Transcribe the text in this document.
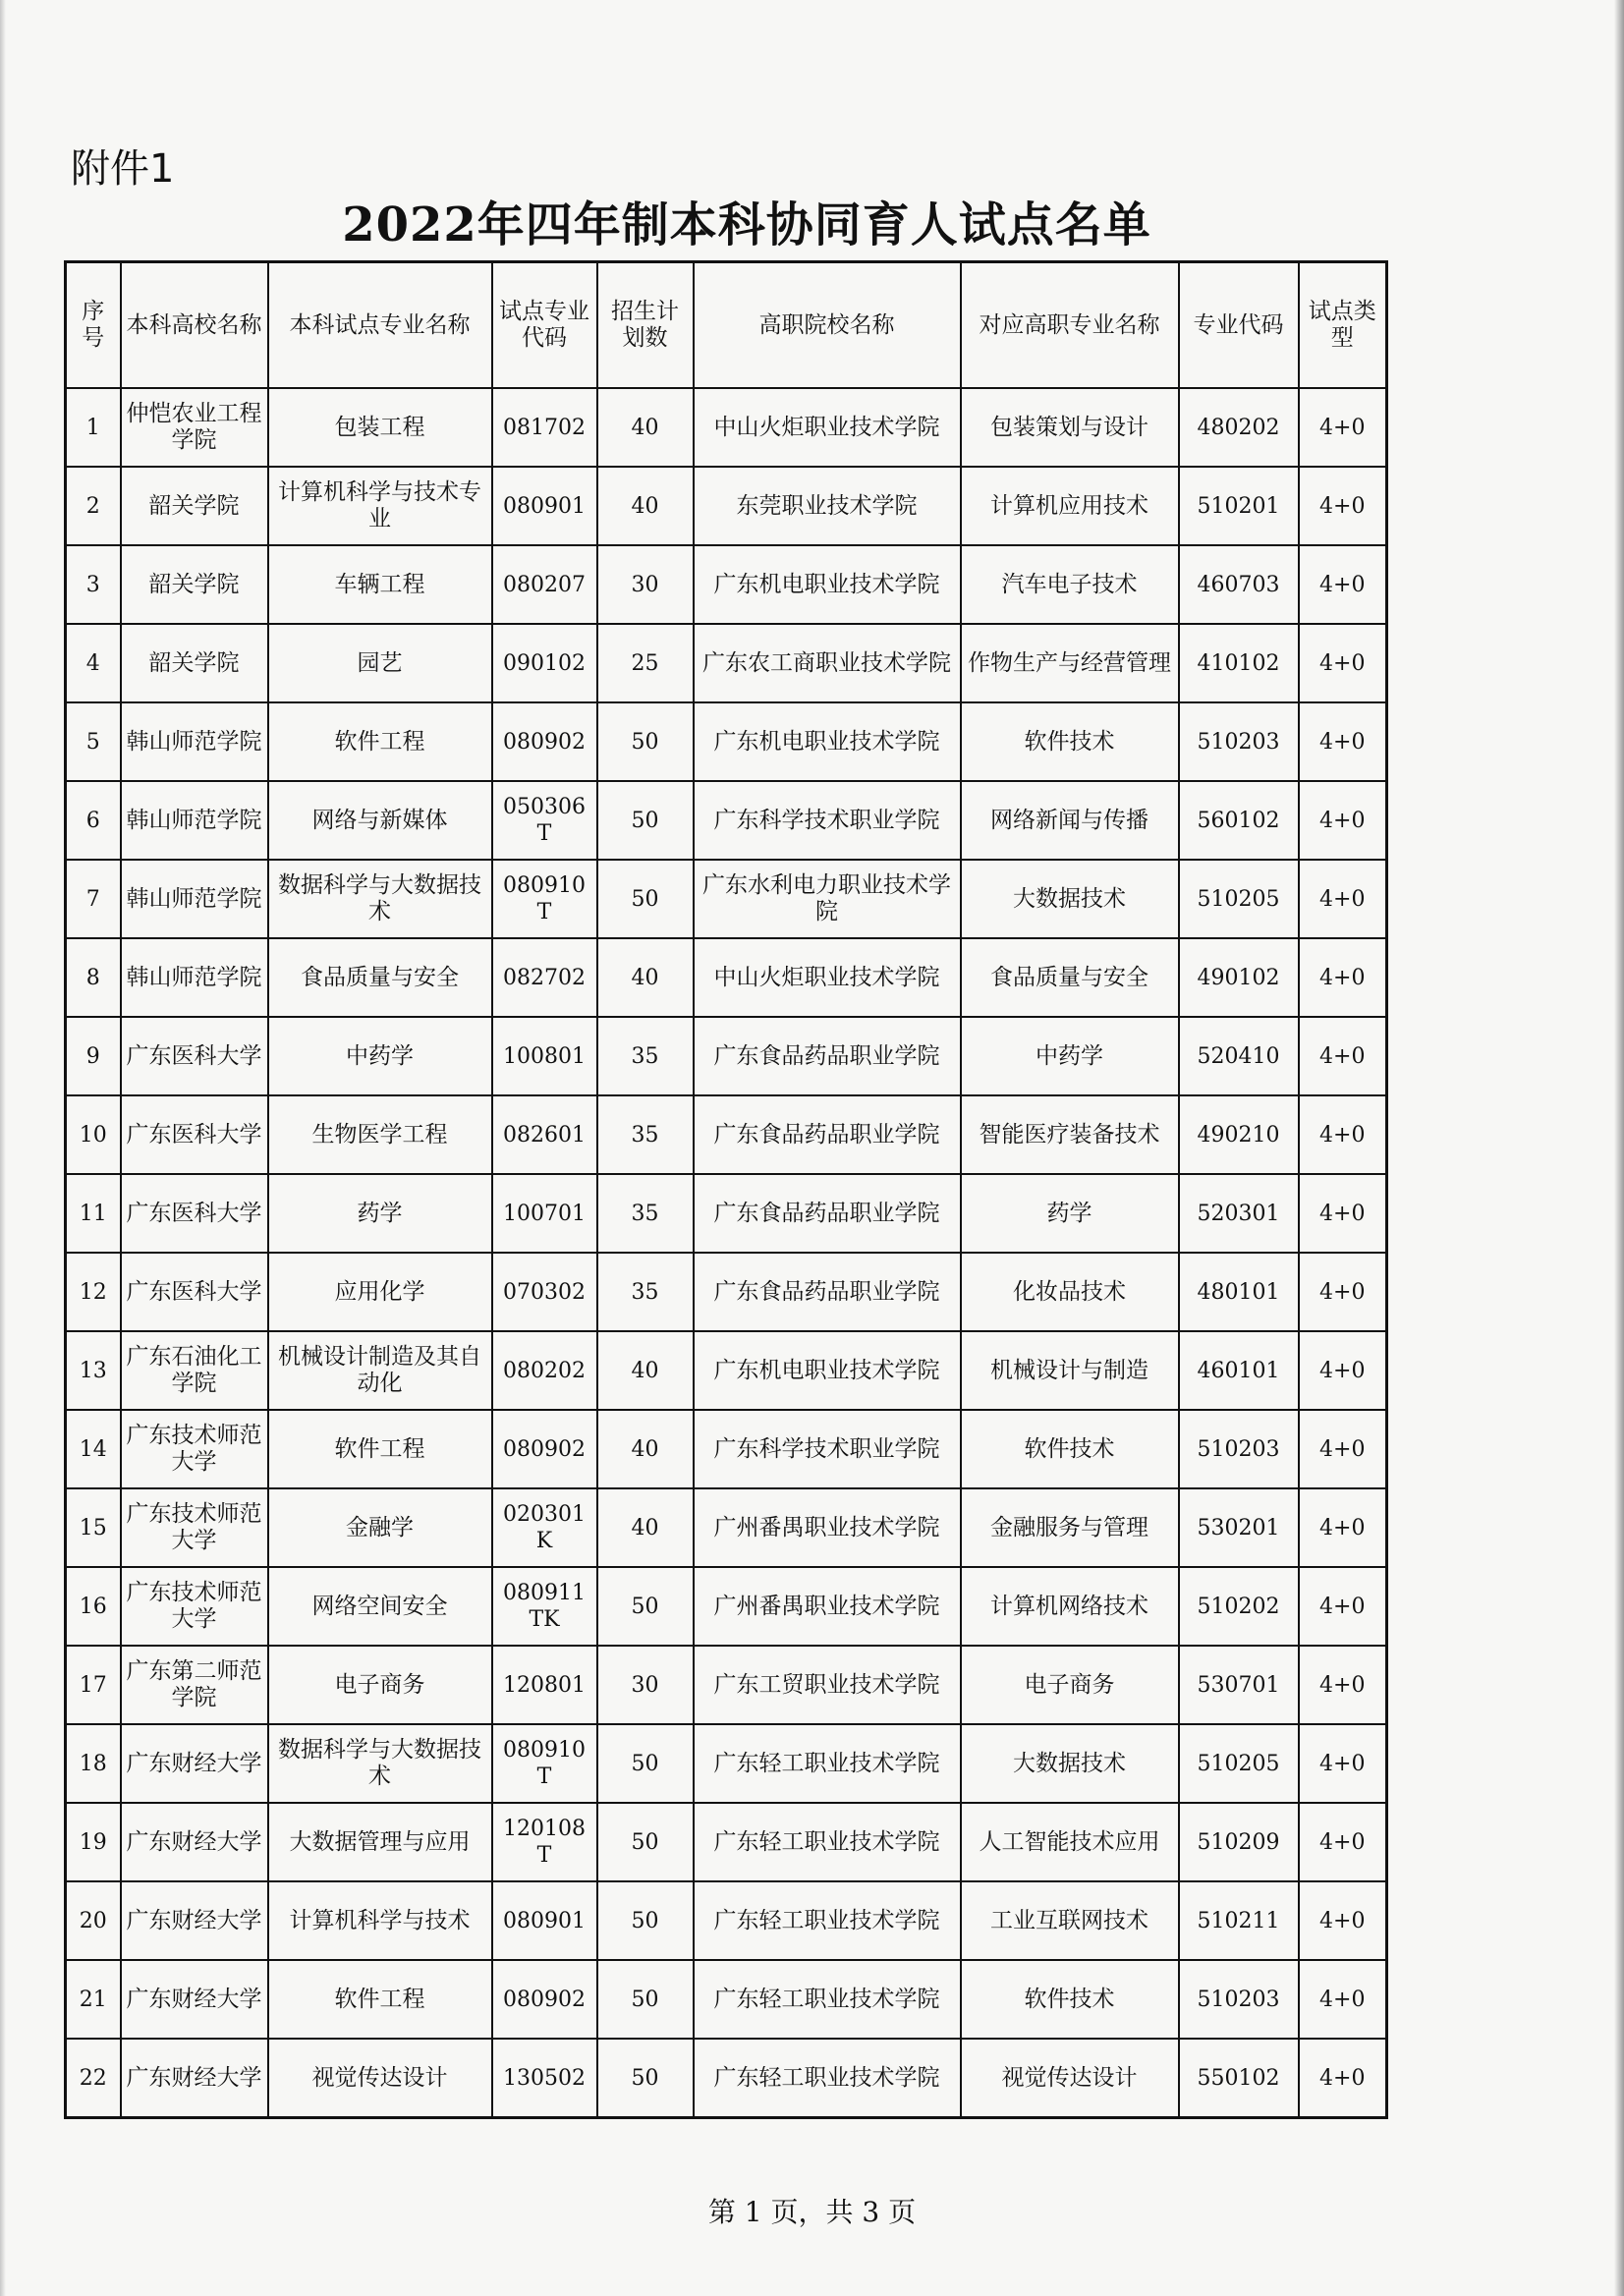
附件1
2022年四年制本科协同育人试点名单
序号	本科高校名称	本科试点专业名称	试点专业代码	招生计划数	高职院校名称	对应高职专业名称	专业代码	试点类型
1	仲恺农业工程学院	包装工程	081702	40	中山火炬职业技术学院	包装策划与设计	480202	4+0
2	韶关学院	计算机科学与技术专业	080901	40	东莞职业技术学院	计算机应用技术	510201	4+0
3	韶关学院	车辆工程	080207	30	广东机电职业技术学院	汽车电子技术	460703	4+0
4	韶关学院	园艺	090102	25	广东农工商职业技术学院	作物生产与经营管理	410102	4+0
5	韩山师范学院	软件工程	080902	50	广东机电职业技术学院	软件技术	510203	4+0
6	韩山师范学院	网络与新媒体	050306T	50	广东科学技术职业学院	网络新闻与传播	560102	4+0
7	韩山师范学院	数据科学与大数据技术	080910T	50	广东水利电力职业技术学院	大数据技术	510205	4+0
8	韩山师范学院	食品质量与安全	082702	40	中山火炬职业技术学院	食品质量与安全	490102	4+0
9	广东医科大学	中药学	100801	35	广东食品药品职业学院	中药学	520410	4+0
10	广东医科大学	生物医学工程	082601	35	广东食品药品职业学院	智能医疗装备技术	490210	4+0
11	广东医科大学	药学	100701	35	广东食品药品职业学院	药学	520301	4+0
12	广东医科大学	应用化学	070302	35	广东食品药品职业学院	化妆品技术	480101	4+0
13	广东石油化工学院	机械设计制造及其自动化	080202	40	广东机电职业技术学院	机械设计与制造	460101	4+0
14	广东技术师范大学	软件工程	080902	40	广东科学技术职业学院	软件技术	510203	4+0
15	广东技术师范大学	金融学	020301K	40	广州番禺职业技术学院	金融服务与管理	530201	4+0
16	广东技术师范大学	网络空间安全	080911TK	50	广州番禺职业技术学院	计算机网络技术	510202	4+0
17	广东第二师范学院	电子商务	120801	30	广东工贸职业技术学院	电子商务	530701	4+0
18	广东财经大学	数据科学与大数据技术	080910T	50	广东轻工职业技术学院	大数据技术	510205	4+0
19	广东财经大学	大数据管理与应用	120108T	50	广东轻工职业技术学院	人工智能技术应用	510209	4+0
20	广东财经大学	计算机科学与技术	080901	50	广东轻工职业技术学院	工业互联网技术	510211	4+0
21	广东财经大学	软件工程	080902	50	广东轻工职业技术学院	软件技术	510203	4+0
22	广东财经大学	视觉传达设计	130502	50	广东轻工职业技术学院	视觉传达设计	550102	4+0
第 1 页，共 3 页
